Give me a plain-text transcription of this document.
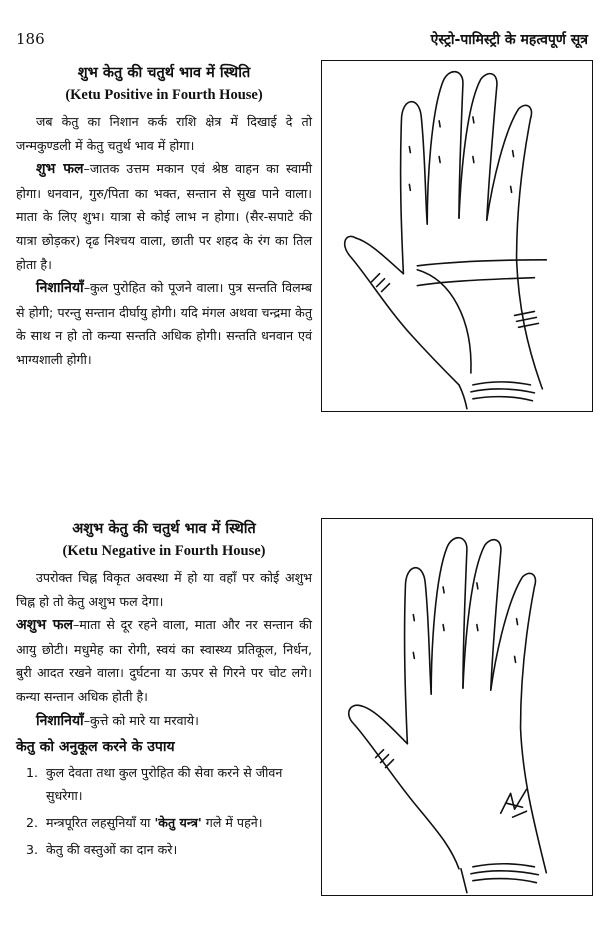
186	ऐस्ट्रो-पामिस्ट्री के महत्वपूर्ण सूत्र

शुभ केतु की चतुर्थ भाव में स्थिति

(Ketu Positive in Fourth House)

जब केतु का निशान कर्क राशि क्षेत्र में दिखाई दे तो जन्मकुण्डली में केतु चतुर्थ भाव में होगा।

शुभ फल–जातक उत्तम मकान एवं श्रेष्ठ वाहन का स्वामी होगा। धनवान, गुरु/पिता का भक्त, सन्तान से सुख पाने वाला। माता के लिए शुभ। यात्रा से कोई लाभ न होगा। (सैर-सपाटे की यात्रा छोड़कर) दृढ निश्चय वाला, छाती पर शहद के रंग का तिल होता है।

निशानियाँ–कुल पुरोहित को पूजने वाला। पुत्र सन्तति विलम्ब से होगी; परन्तु सन्तान दीर्घायु होगी। यदि मंगल अथवा चन्द्रमा केतु के साथ न हो तो कन्या सन्तति अधिक होगी। सन्तति धनवान एवं भाग्यशाली होगी।

अशुभ केतु की चतुर्थ भाव में स्थिति

(Ketu Negative in Fourth House)

उपरोक्त चिह्न विकृत अवस्था में हो या वहाँ पर कोई अशुभ चिह्न हो तो केतु अशुभ फल देगा।

अशुभ फल–माता से दूर रहने वाला, माता और नर सन्तान की आयु छोटी। मधुमेह का रोगी, स्वयं का स्वास्थ्य प्रतिकूल, निर्धन, बुरी आदत रखने वाला। दुर्घटना या ऊपर से गिरने पर चोट लगे। कन्या सन्तान अधिक होती है।

निशानियाँ–कुत्ते को मारे या मरवाये।

केतु को अनुकूल करने के उपाय

1. कुल देवता तथा कुल पुरोहित की सेवा करने से जीवन सुधरेगा।
2. मन्त्रपूरित लहसुनियाँ या 'केतु यन्त्र' गले में पहने।
3. केतु की वस्तुओं का दान करे।
